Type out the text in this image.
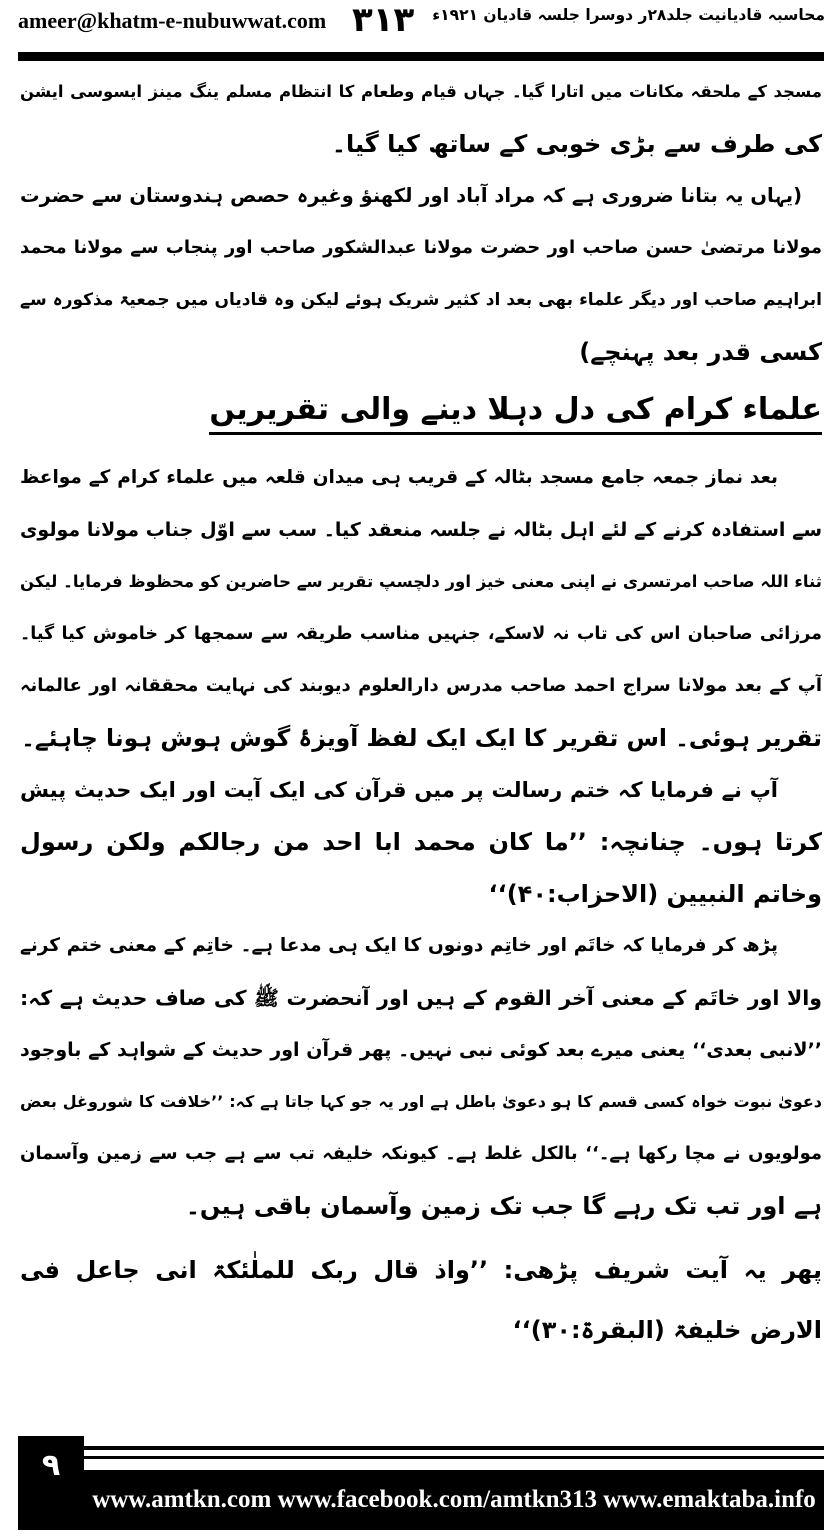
ameer@khatm-e-nubuwwat.com ۳۱۳	محاسبہ قادیانیت جلد۲۸ر دوسرا جلسہ قادیان ۱۹۲۱ء
مسجد کے ملحقہ مکانات میں اتارا گیا۔ جہاں قیام وطعام کا انتظام مسلم ینگ مینز ایسوسی ایشن
کی طرف سے بڑی خوبی کے ساتھ کیا گیا۔
(یہاں یہ بتانا ضروری ہے کہ مراد آباد اور لکھنؤ وغیرہ حصص ہندوستان سے حضرت
مولانا مرتضیٰ حسن صاحب اور حضرت مولانا عبدالشکور صاحب اور پنجاب سے مولانا محمد
ابراہیم صاحب اور دیگر علماء بھی بعد اد کثیر شریک ہوئے لیکن وہ قادیاں میں جمعیۃ مذکورہ سے
کسی قدر بعد پہنچے)
علماء کرام کی دل دہلا دینے والی تقریریں
بعد نماز جمعہ جامع مسجد بٹالہ کے قریب ہی میدان قلعہ میں علماء کرام کے مواعظ
سے استفادہ کرنے کے لئے اہل بٹالہ نے جلسہ منعقد کیا۔ سب سے اوّل جناب مولانا مولوی
ثناء اللہ صاحب امرتسری نے اپنی معنی خیز اور دلچسپ تقریر سے حاضرین کو محظوظ فرمایا۔ لیکن
مرزائی صاحبان اس کی تاب نہ لاسکے، جنہیں مناسب طریقہ سے سمجھا کر خاموش کیا گیا۔
آپ کے بعد مولانا سراج احمد صاحب مدرس دارالعلوم دیوبند کی نہایت محققانہ اور عالمانہ
تقریر ہوئی۔ اس تقریر کا ایک ایک لفظ آویزۂ گوش ہوش ہونا چاہئے۔
آپ نے فرمایا کہ ختم رسالت پر میں قرآن کی ایک آیت اور ایک حدیث پیش
کرتا ہوں۔ چنانچہ: ’’ما کان محمد ابا احد من رجالکم ولکن رسول
وخاتم النبیین (الاحزاب:۴۰)‘‘
پڑھ کر فرمایا کہ خاتَم اور خاتِم دونوں کا ایک ہی مدعا ہے۔ خاتِم کے معنی ختم کرنے
والا اور خاتَم کے معنی آخر القوم کے ہیں اور آنحضرت ﷺ کی صاف حدیث ہے کہ:
’’لانبی بعدی‘‘ یعنی میرے بعد کوئی نبی نہیں۔ پھر قرآن اور حدیث کے شواہد کے باوجود
دعویٰ نبوت خواہ کسی قسم کا ہو دعویٰ باطل ہے اور یہ جو کہا جاتا ہے کہ: ’’خلافت کا شوروغل بعض
مولویوں نے مچا رکھا ہے۔‘‘ بالکل غلط ہے۔ کیونکہ خلیفہ تب سے ہے جب سے زمین وآسمان
ہے اور تب تک رہے گا جب تک زمین وآسمان باقی ہیں۔
پھر یہ آیت شریف پڑھی: ’’واذ قال ربک للملٰئکۃ انی جاعل فی
الارض خلیفۃ (البقرۃ:۳۰)‘‘
۹
www.amtkn.com www.facebook.com/amtkn313 www.emaktaba.info
